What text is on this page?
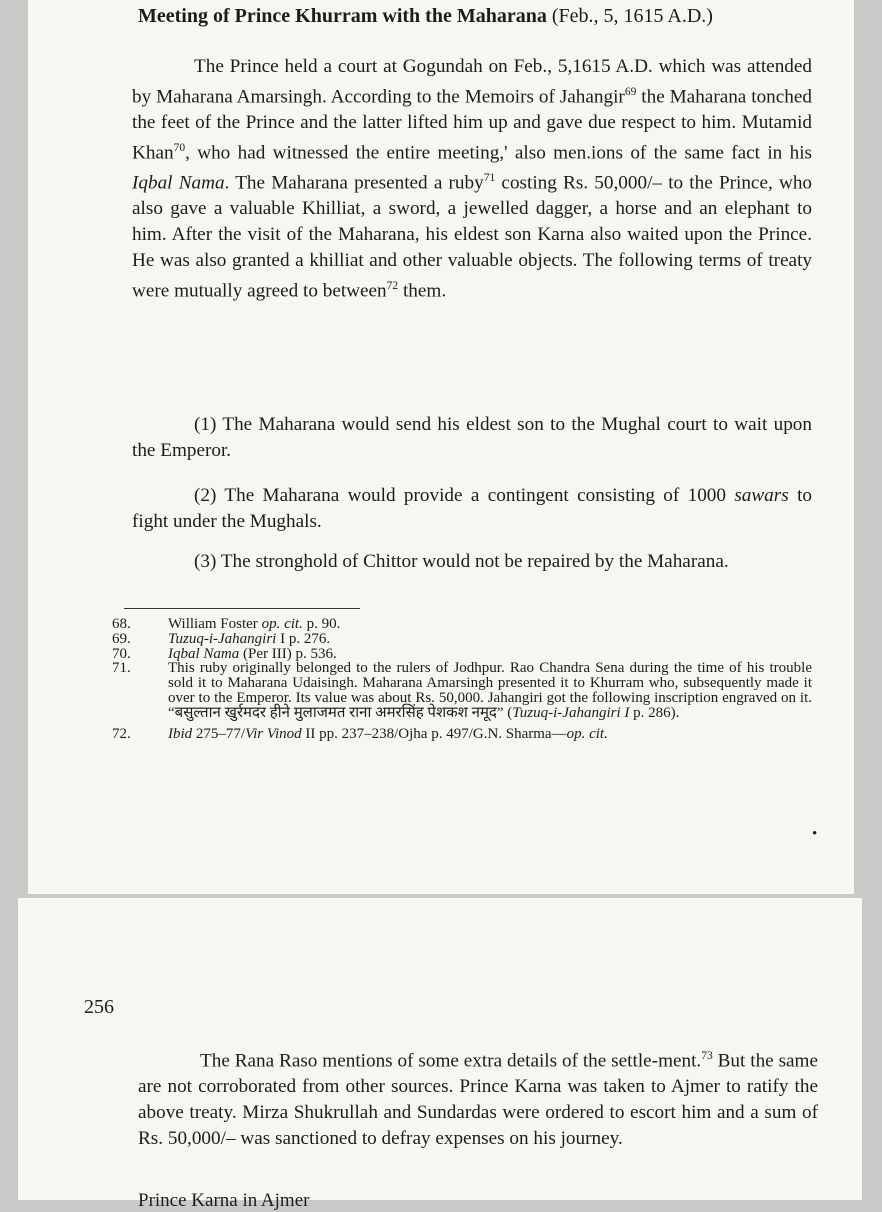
Meeting of Prince Khurram with the Maharana (Feb., 5, 1615 A.D.)

The Prince held a court at Gogundah on Feb., 5,1615 A.D. which was attended by Maharana Amarsingh. According to the Memoirs of Jahangir$^{69}$ the Maharana tonched the feet of the Prince and the latter lifted him up and gave due respect to him. Mutamid Khan$^{70}$, who had witnessed the entire meeting,' also men.ions of the same fact in his Iqbal Nama. The Maharana presented a ruby$^{71}$ costing Rs. 50,000/– to the Prince, who also gave a valuable Khilliat, a sword, a jewelled dagger, a horse and an elephant to him. After the visit of the Maharana, his eldest son Karna also waited upon the Prince. He was also granted a khilliat and other valuable objects. The following terms of treaty were mutually agreed to between$^{72}$ them.

(1) The Maharana would send his eldest son to the Mughal court to wait upon the Emperor.

(2) The Maharana would provide a contingent consisting of 1000 sawars to fight under the Mughals.

(3) The stronghold of Chittor would not be repaired by the Maharana.

68.	William Foster op. cit. p. 90.
69.	Tuzuq-i-Jahangiri I p. 276.
70.	Iqbal Nama (Per III) p. 536.
71.	This ruby originally belonged to the rulers of Jodhpur. Rao Chandra Sena during the time of his trouble sold it to Maharana Udaisingh. Maharana Amarsingh presented it to Khurram who, subsequently made it over to the Emperor. Its value was about Rs. 50,000. Jahangiri got the following inscription engraved on it. “बसुल्तान खुर्रमदर हीने मुलाजमत राना अमरसिंह पेशकश नमूद” (Tuzuq-i-Jahangiri I p. 286).
72.	Ibid 275–77/Vir Vinod II pp. 237–238/Ojha p. 497/G.N. Sharma—op. cit.
•
256

The Rana Raso mentions of some extra details of the settle-ment.$^{73}$ But the same are not corroborated from other sources. Prince Karna was taken to Ajmer to ratify the above treaty. Mirza Shukrullah and Sundardas were ordered to escort him and a sum of Rs. 50,000/– was sanctioned to defray expenses on his journey.

Prince Karna in Ajmer
